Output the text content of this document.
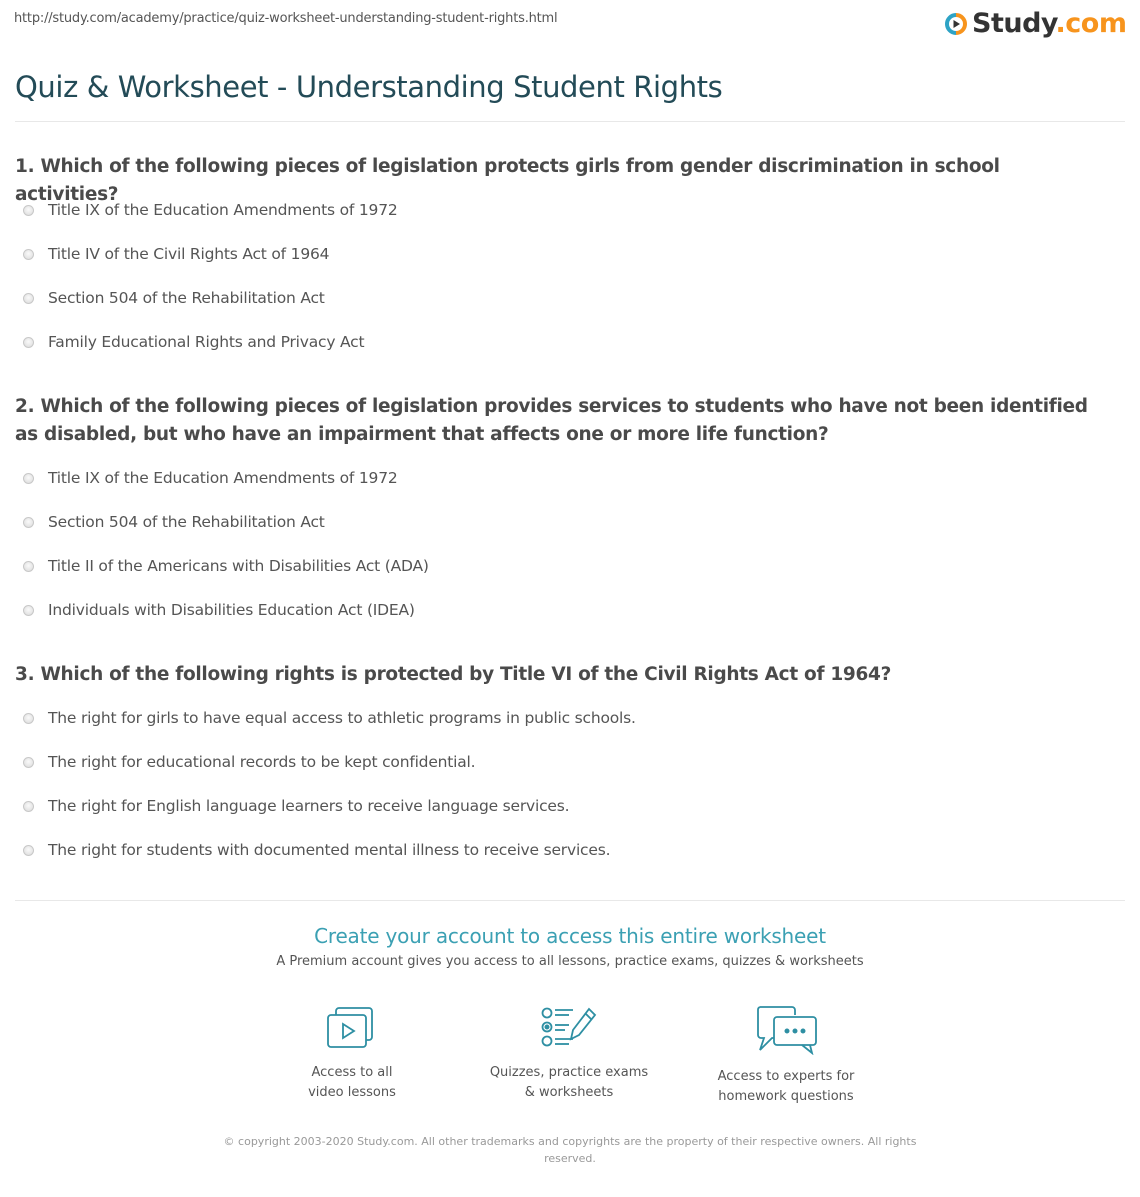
http://study.com/academy/practice/quiz-worksheet-understanding-student-rights.html	Study.com
Quiz & Worksheet - Understanding Student Rights

1. Which of the following pieces of legislation protects girls from gender discrimination in school activities?

Title IX of the Education Amendments of 1972
Title IV of the Civil Rights Act of 1964
Section 504 of the Rehabilitation Act
Family Educational Rights and Privacy Act

2. Which of the following pieces of legislation provides services to students who have not been identified as disabled, but who have an impairment that affects one or more life function?

Title IX of the Education Amendments of 1972
Section 504 of the Rehabilitation Act
Title II of the Americans with Disabilities Act (ADA)
Individuals with Disabilities Education Act (IDEA)

3. Which of the following rights is protected by Title VI of the Civil Rights Act of 1964?

The right for girls to have equal access to athletic programs in public schools.
The right for educational records to be kept confidential.
The right for English language learners to receive language services.
The right for students with documented mental illness to receive services.
Create your account to access this entire worksheet
A Premium account gives you access to all lessons, practice exams, quizzes & worksheets
Access to all
video lessons
Quizzes, practice exams
& worksheets
Access to experts for
homework questions
© copyright 2003-2020 Study.com. All other trademarks and copyrights are the property of their respective owners. All rights reserved.
